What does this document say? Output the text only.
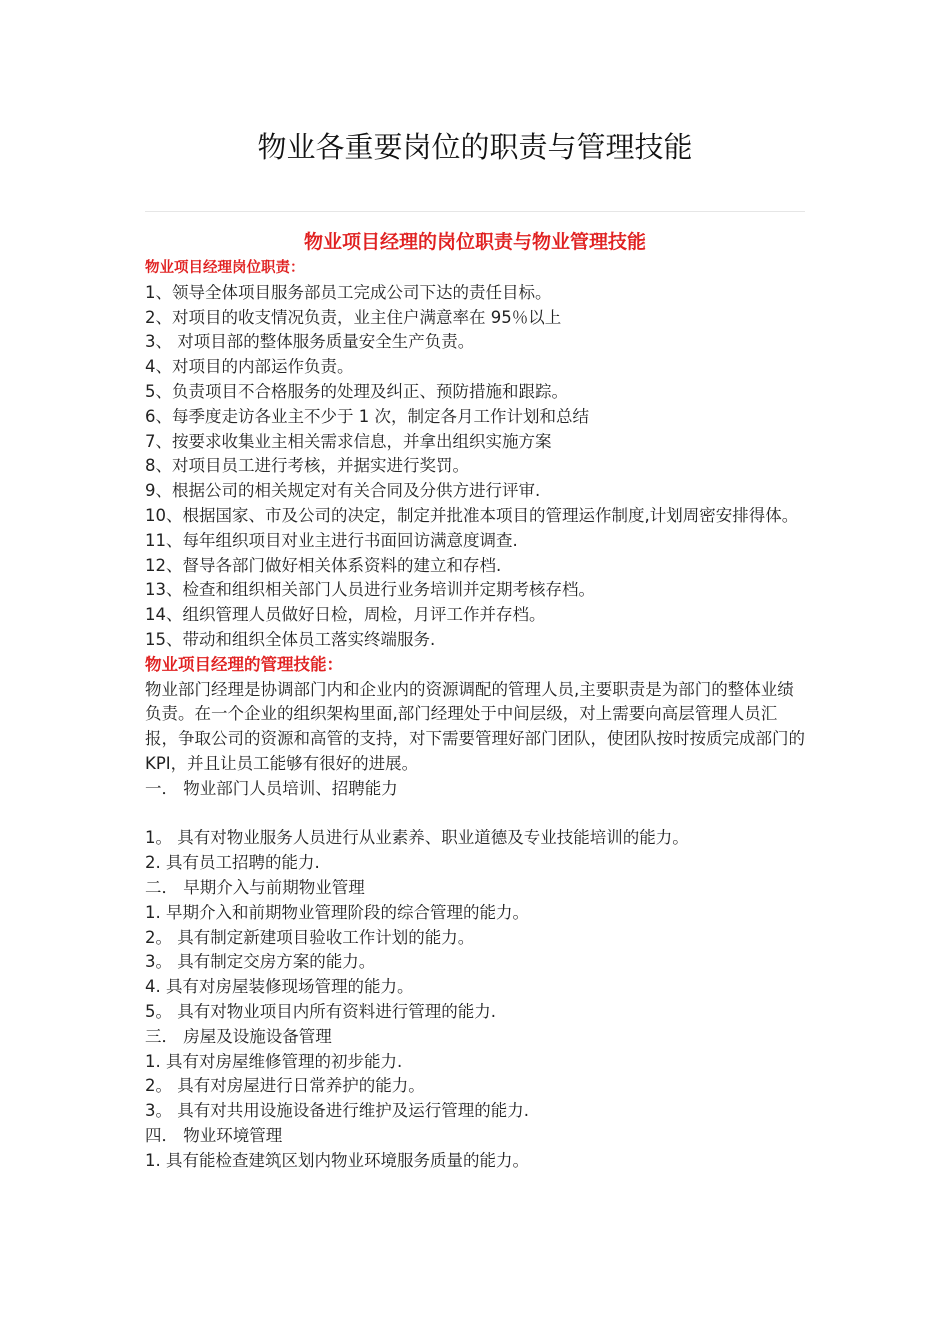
物业各重要岗位的职责与管理技能
物业项目经理的岗位职责与物业管理技能

物业项目经理岗位职责：

1、领导全体项目服务部员工完成公司下达的责任目标。

2、对项目的收支情况负责，业主住户满意率在 95％以上

3、 对项目部的整体服务质量安全生产负责。

4、对项目的内部运作负责。

5、负责项目不合格服务的处理及纠正、预防措施和跟踪。

6、每季度走访各业主不少于 1 次，制定各月工作计划和总结

7、按要求收集业主相关需求信息，并拿出组织实施方案

8、对项目员工进行考核，并据实进行奖罚。

9、根据公司的相关规定对有关合同及分供方进行评审.

10、根据国家、市及公司的决定，制定并批准本项目的管理运作制度,计划周密安排得体。

11、每年组织项目对业主进行书面回访满意度调查.

12、督导各部门做好相关体系资料的建立和存档.

13、检查和组织相关部门人员进行业务培训并定期考核存档。

14、组织管理人员做好日检，周检，月评工作并存档。

15、带动和组织全体员工落实终端服务.

物业项目经理的管理技能：

物业部门经理是协调部门内和企业内的资源调配的管理人员,主要职责是为部门的整体业绩负责。在一个企业的组织架构里面,部门经理处于中间层级，对上需要向高层管理人员汇报，争取公司的资源和高管的支持，对下需要管理好部门团队，使团队按时按质完成部门的 KPI，并且让员工能够有很好的进展。

一． 物业部门人员培训、招聘能力

1。 具有对物业服务人员进行从业素养、职业道德及专业技能培训的能力。

2. 具有员工招聘的能力.

二． 早期介入与前期物业管理

1. 早期介入和前期物业管理阶段的综合管理的能力。

2。 具有制定新建项目验收工作计划的能力。

3。 具有制定交房方案的能力。

4. 具有对房屋装修现场管理的能力。

5。 具有对物业项目内所有资料进行管理的能力.

三． 房屋及设施设备管理

1. 具有对房屋维修管理的初步能力.

2。 具有对房屋进行日常养护的能力。

3。 具有对共用设施设备进行维护及运行管理的能力.

四． 物业环境管理

1. 具有能检查建筑区划内物业环境服务质量的能力。
